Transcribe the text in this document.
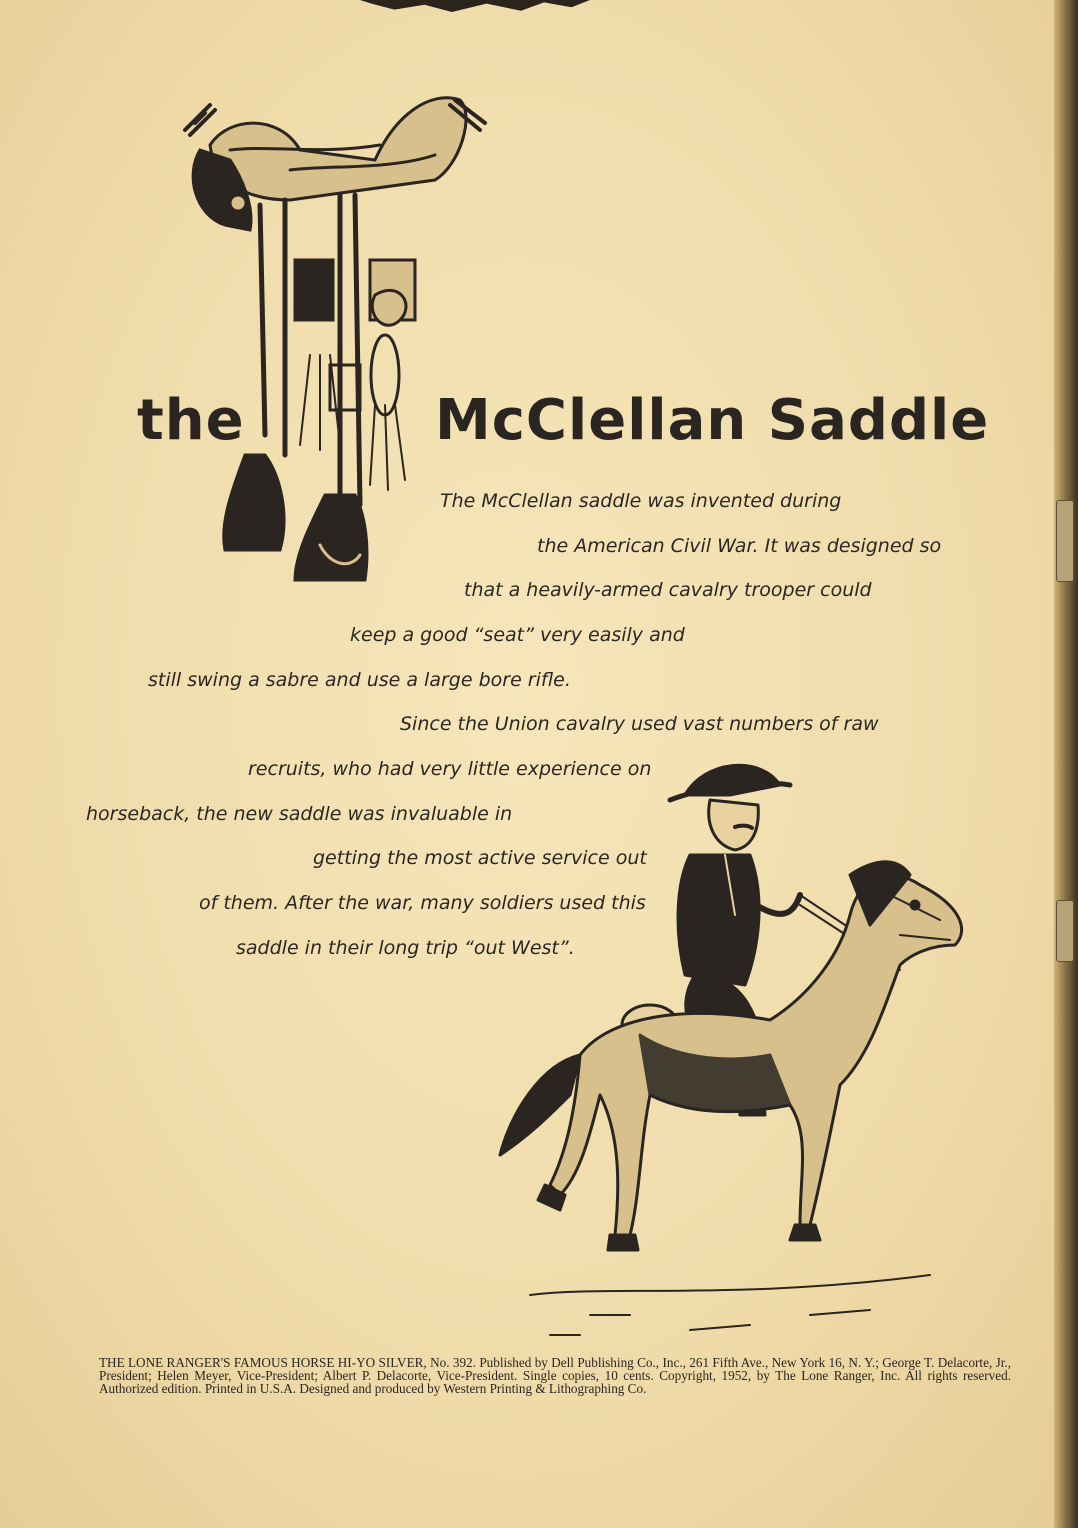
the	McClellan Saddle

The McClellan saddle was invented during

the American Civil War. It was designed so

that a heavily-armed cavalry trooper could

keep a good “seat” very easily and

still swing a sabre and use a large bore rifle.

Since the Union cavalry used vast numbers of raw

recruits, who had very little experience on

horseback, the new saddle was invaluable in

getting the most active service out

of them. After the war, many soldiers used this

saddle in their long trip “out West”.

THE LONE RANGER'S FAMOUS HORSE HI-YO SILVER, No. 392. Published by Dell Publishing Co., Inc., 261 Fifth Ave., New York 16, N. Y.; George T. Delacorte, Jr., President; Helen Meyer, Vice-President; Albert P. Delacorte, Vice-President. Single copies, 10 cents. Copyright, 1952, by The Lone Ranger, Inc. All rights reserved. Authorized edition. Printed in U.S.A. Designed and produced by Western Printing & Lithographing Co.
